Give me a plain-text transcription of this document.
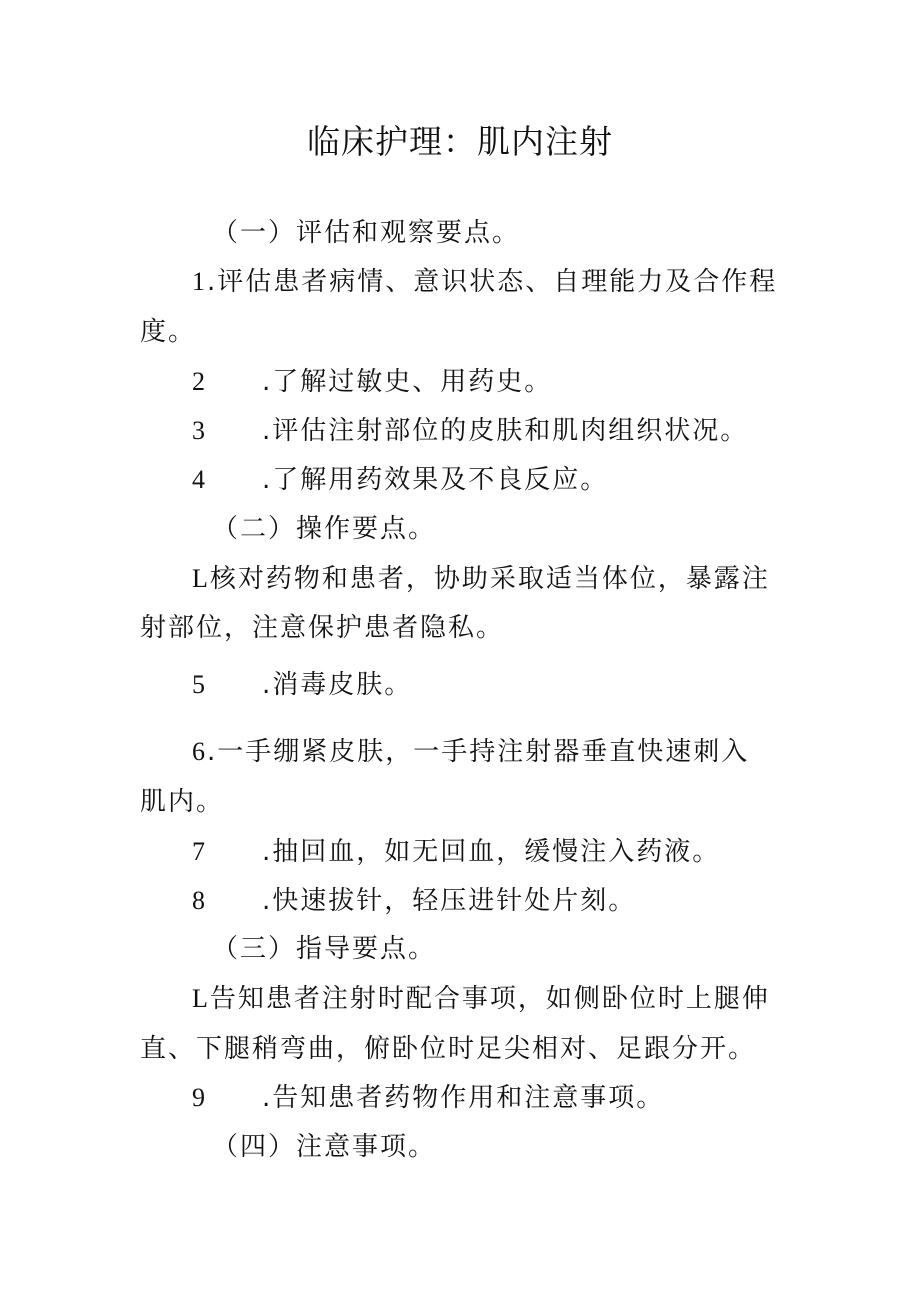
临床护理：肌内注射
（一）评估和观察要点。
1.评估患者病情、意识状态、自理能力及合作程
度。
2 .了解过敏史、用药史。
3 .评估注射部位的皮肤和肌肉组织状况。
4 .了解用药效果及不良反应。
（二）操作要点。
L核对药物和患者，协助采取适当体位，暴露注
射部位，注意保护患者隐私。
5 .消毒皮肤。
6.一手绷紧皮肤，一手持注射器垂直快速刺入
肌内。
7 .抽回血，如无回血，缓慢注入药液。
8 .快速拔针，轻压进针处片刻。
（三）指导要点。
L告知患者注射时配合事项，如侧卧位时上腿伸
直、下腿稍弯曲，俯卧位时足尖相对、足跟分开。
9 .告知患者药物作用和注意事项。
（四）注意事项。
